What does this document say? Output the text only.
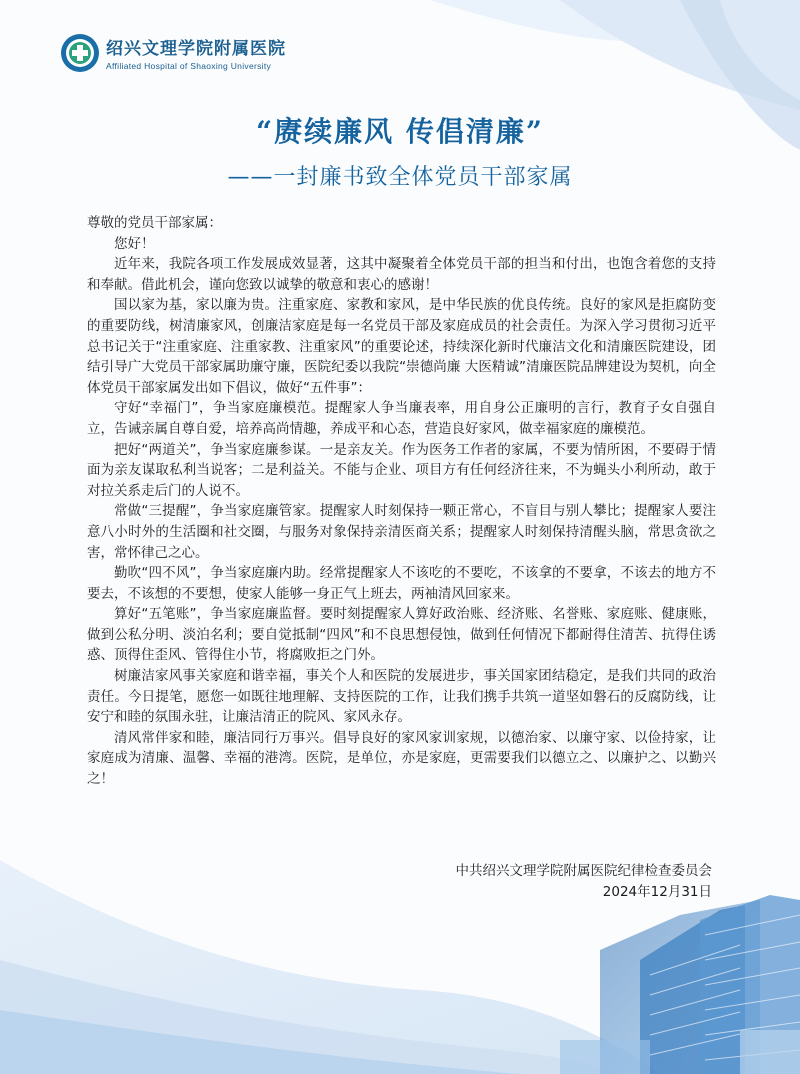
绍兴文理学院附属医院
Affiliated Hospital of Shaoxing University
“赓续廉风 传倡清廉”
——一封廉书致全体党员干部家属

尊敬的党员干部家属：

您好！

近年来，我院各项工作发展成效显著，这其中凝聚着全体党员干部的担当和付出，也饱含着您的支持和奉献。借此机会，谨向您致以诚挚的敬意和衷心的感谢！

国以家为基，家以廉为贵。注重家庭、家教和家风，是中华民族的优良传统。良好的家风是拒腐防变的重要防线，树清廉家风，创廉洁家庭是每一名党员干部及家庭成员的社会责任。为深入学习贯彻习近平总书记关于“注重家庭、注重家教、注重家风”的重要论述，持续深化新时代廉洁文化和清廉医院建设，团结引导广大党员干部家属助廉守廉，医院纪委以我院“崇德尚廉 大医精诚”清廉医院品牌建设为契机，向全体党员干部家属发出如下倡议，做好“五件事”：

守好“幸福门”，争当家庭廉模范。提醒家人争当廉表率，用自身公正廉明的言行，教育子女自强自立，告诫亲属自尊自爱，培养高尚情趣，养成平和心态，营造良好家风，做幸福家庭的廉模范。

把好“两道关”，争当家庭廉参谋。一是亲友关。作为医务工作者的家属，不要为情所困，不要碍于情面为亲友谋取私利当说客；二是利益关。不能与企业、项目方有任何经济往来，不为蝇头小利所动，敢于对拉关系走后门的人说不。

常做“三提醒”，争当家庭廉管家。提醒家人时刻保持一颗正常心，不盲目与别人攀比；提醒家人要注意八小时外的生活圈和社交圈，与服务对象保持亲清医商关系；提醒家人时刻保持清醒头脑，常思贪欲之害，常怀律己之心。

勤吹“四不风”，争当家庭廉内助。经常提醒家人不该吃的不要吃，不该拿的不要拿，不该去的地方不要去，不该想的不要想，使家人能够一身正气上班去，两袖清风回家来。

算好“五笔账”，争当家庭廉监督。要时刻提醒家人算好政治账、经济账、名誉账、家庭账、健康账，做到公私分明、淡泊名利；要自觉抵制“四风”和不良思想侵蚀，做到任何情况下都耐得住清苦、抗得住诱惑、顶得住歪风、管得住小节，将腐败拒之门外。

树廉洁家风事关家庭和谐幸福，事关个人和医院的发展进步，事关国家团结稳定，是我们共同的政治责任。今日提笔，愿您一如既往地理解、支持医院的工作，让我们携手共筑一道坚如磐石的反腐防线，让安宁和睦的氛围永驻，让廉洁清正的院风、家风永存。

清风常伴家和睦，廉洁同行万事兴。倡导良好的家风家训家规，以德治家、以廉守家、以俭持家，让家庭成为清廉、温馨、幸福的港湾。医院，是单位，亦是家庭，更需要我们以德立之、以廉护之、以勤兴之！

中共绍兴文理学院附属医院纪律检查委员会
2024年12月31日
